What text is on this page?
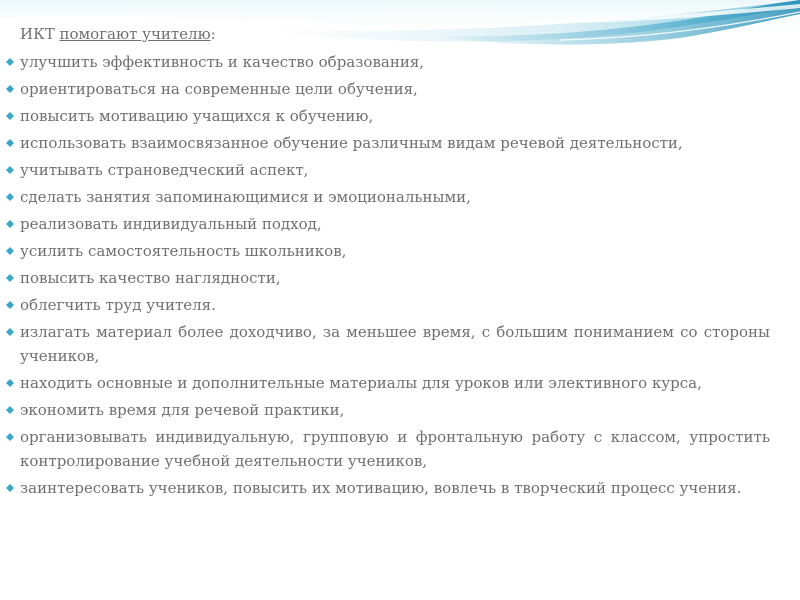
ИКТ помогают учителю:
улучшить эффективность и качество образования,
ориентироваться на современные цели обучения,
повысить мотивацию учащихся к обучению,
использовать взаимосвязанное обучение различным видам речевой деятельности,
учитывать страноведческий аспект,
сделать занятия запоминающимися и эмоциональными,
реализовать индивидуальный подход,
усилить самостоятельность школьников,
повысить качество наглядности,
облегчить труд учителя.
излагать материал более доходчиво, за меньшее время, с большим пониманием со стороны учеников,
находить основные и дополнительные материалы для уроков или элективного курса,
экономить время для речевой практики,
организовывать индивидуальную, групповую и фронтальную работу с классом, упростить контролирование учебной деятельности учеников,
заинтересовать учеников, повысить их мотивацию, вовлечь в творческий процесс учения.
